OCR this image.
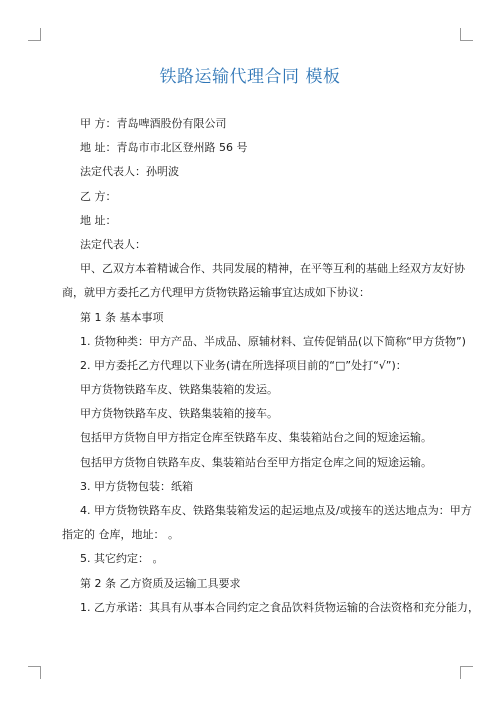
铁路运输代理合同 模板
甲 方：青岛啤酒股份有限公司
地 址：青岛市市北区登州路 56 号
法定代表人：孙明波
乙 方：
地 址：
法定代表人：
甲、乙双方本着精诚合作、共同发展的精神，在平等互利的基础上经双方友好协
商，就甲方委托乙方代理甲方货物铁路运输事宜达成如下协议：
第 1 条 基本事项
1. 货物种类：甲方产品、半成品、原辅材料、宣传促销品(以下简称“甲方货物”)
2. 甲方委托乙方代理以下业务(请在所选择项目前的“□”处打“√”)：
甲方货物铁路车皮、铁路集装箱的发运。
甲方货物铁路车皮、铁路集装箱的接车。
包括甲方货物自甲方指定仓库至铁路车皮、集装箱站台之间的短途运输。
包括甲方货物自铁路车皮、集装箱站台至甲方指定仓库之间的短途运输。
3. 甲方货物包装：纸箱
4. 甲方货物铁路车皮、铁路集装箱发运的起运地点及/或接车的送达地点为：甲方
指定的 仓库，地址： 。
5. 其它约定： 。
第 2 条 乙方资质及运输工具要求
1. 乙方承诺：其具有从事本合同约定之食品饮料货物运输的合法资格和充分能力，
